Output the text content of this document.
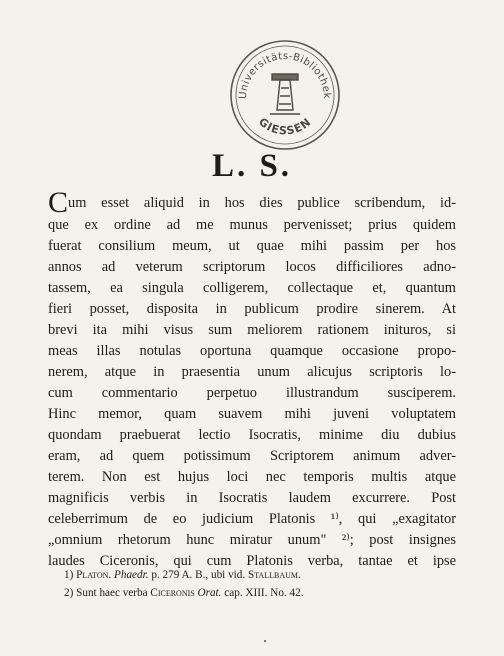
Universitäts-Bibliothek
GIESSEN
L. S.
Cum esset aliquid in hos dies publice scribendum, id-
que ex ordine ad me munus pervenisset; prius quidem
fuerat consilium meum, ut quae mihi passim per hos
annos ad veterum scriptorum locos difficiliores adno-
tassem, ea singula colligerem, collectaque et, quantum
fieri posset, disposita in publicum prodire sinerem. At
brevi ita mihi visus sum meliorem rationem inituros, si
meas illas notulas oportuna quamque occasione propo-
nerem, atque in praesentia unum alicujus scriptoris lo-
cum commentario perpetuo illustrandum susciperem.
Hinc memor, quam suavem mihi juveni voluptatem
quondam praebuerat lectio Isocratis, minime diu dubius
eram, ad quem potissimum Scriptorem animum adver-
terem. Non est hujus loci nec temporis multis atque
magnificis verbis in Isocratis laudem excurrere. Post
celeberrimum de eo judicium Platonis ¹⁾, qui „exagitator
„omnium rhetorum hunc miratur unum" ²⁾; post insignes
laudes Ciceronis, qui cum Platonis verba, tantae et ipse
1) Platon. Phaedr. p. 279 A. B., ubi vid. Stallbaum.
2) Sunt haec verba Ciceronis Orat. cap. XIII. No. 42.
